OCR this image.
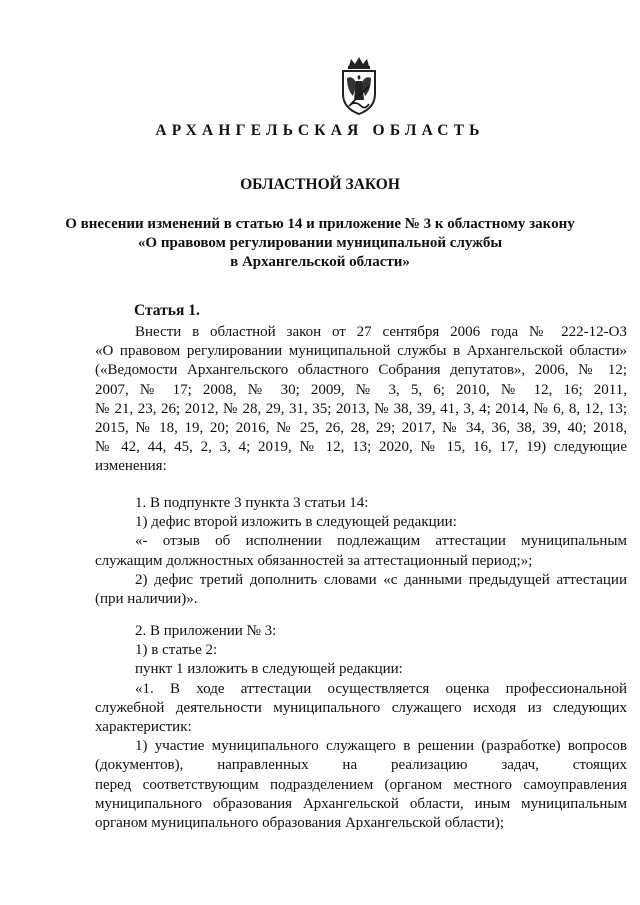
АРХАНГЕЛЬСКАЯ ОБЛАСТЬ
ОБЛАСТНОЙ ЗАКОН
О внесении изменений в статью 14 и приложение № 3 к областному закону
«О правовом регулировании муниципальной службы
в Архангельской области»
Статья 1.
Внести в областной закон от 27 сентября 2006 года № 222-12-ОЗ
«О правовом регулировании муниципальной службы в Архангельской области»
(«Ведомости Архангельского областного Собрания депутатов», 2006, № 12;
2007, № 17; 2008, № 30; 2009, № 3, 5, 6; 2010, № 12, 16; 2011,
№ 21, 23, 26; 2012, № 28, 29, 31, 35; 2013, № 38, 39, 41, 3, 4; 2014, № 6, 8, 12, 13;
2015, № 18, 19, 20; 2016, № 25, 26, 28, 29; 2017, № 34, 36, 38, 39, 40; 2018,
№ 42, 44, 45, 2, 3, 4; 2019, № 12, 13; 2020, № 15, 16, 17, 19) следующие
изменения:
1. В подпункте 3 пункта 3 статьи 14:
1) дефис второй изложить в следующей редакции:
«- отзыв об исполнении подлежащим аттестации муниципальным
служащим должностных обязанностей за аттестационный период;»;
2) дефис третий дополнить словами «с данными предыдущей аттестации
(при наличии)».
2. В приложении № 3:
1) в статье 2:
пункт 1 изложить в следующей редакции:
«1. В ходе аттестации осуществляется оценка профессиональной
служебной деятельности муниципального служащего исходя из следующих
характеристик:
1) участие муниципального служащего в решении (разработке) вопросов
(документов), направленных на реализацию задач, стоящих
перед соответствующим подразделением (органом местного самоуправления
муниципального образования Архангельской области, иным муниципальным
органом муниципального образования Архангельской области);
